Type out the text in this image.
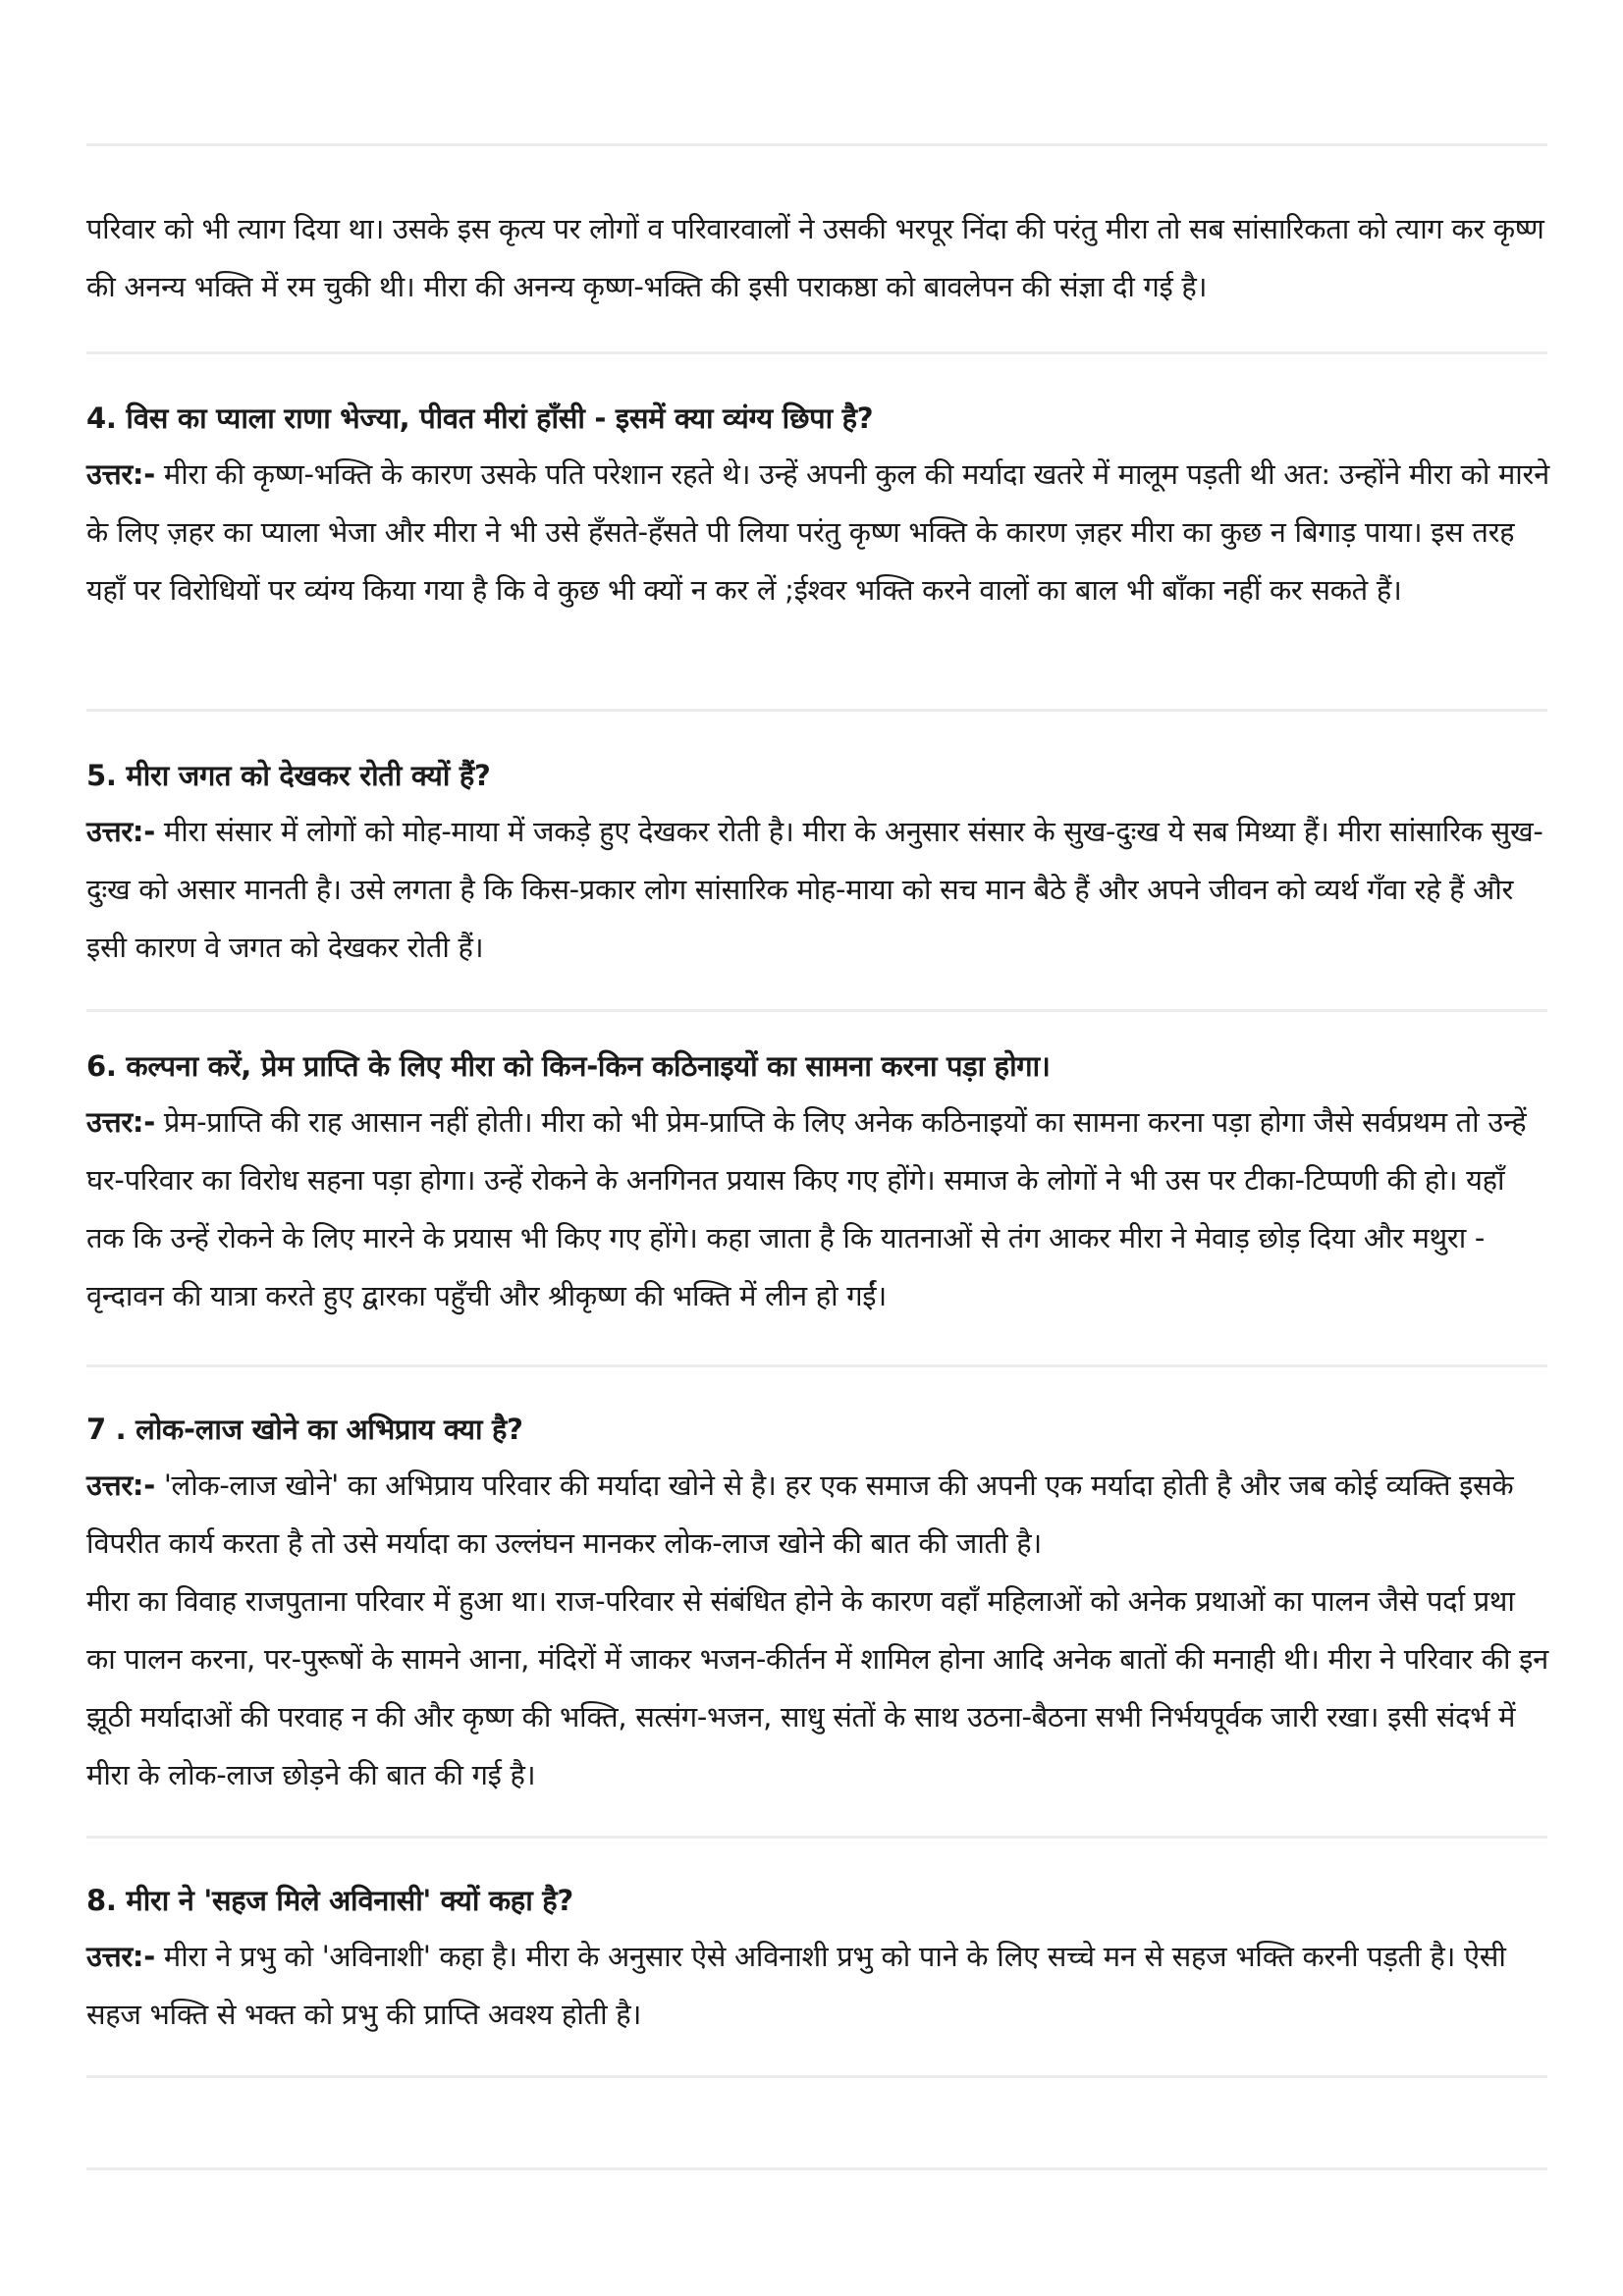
परिवार को भी त्याग दिया था। उसके इस कृत्य पर लोगों व परिवारवालों ने उसकी भरपूर निंदा की परंतु मीरा तो सब सांसारिकता को त्याग कर कृष्ण की अनन्य भक्ति में रम चुकी थी। मीरा की अनन्य कृष्ण-भक्ति की इसी पराकष्ठा को बावलेपन की संज्ञा दी गई है।

4. विस का प्याला राणा भेज्या, पीवत मीरां हाँसी - इसमें क्या व्यंग्य छिपा है?

उत्तर:- मीरा की कृष्ण-भक्ति के कारण उसके पति परेशान रहते थे। उन्हें अपनी कुल की मर्यादा खतरे में मालूम पड़ती थी अत: उन्होंने मीरा को मारने के लिए ज़हर का प्याला भेजा और मीरा ने भी उसे हँसते-हँसते पी लिया परंतु कृष्ण भक्ति के कारण ज़हर मीरा का कुछ न बिगाड़ पाया। इस तरह यहाँ पर विरोधियों पर व्यंग्य किया गया है कि वे कुछ भी क्यों न कर लें ;ईश्वर भक्ति करने वालों का बाल भी बाँका नहीं कर सकते हैं।

5. मीरा जगत को देखकर रोती क्यों हैं?

उत्तर:- मीरा संसार में लोगों को मोह-माया में जकड़े हुए देखकर रोती है। मीरा के अनुसार संसार के सुख-दुःख ये सब मिथ्या हैं। मीरा सांसारिक सुख-दुःख को असार मानती है। उसे लगता है कि किस-प्रकार लोग सांसारिक मोह-माया को सच मान बैठे हैं और अपने जीवन को व्यर्थ गँवा रहे हैं और इसी कारण वे जगत को देखकर रोती हैं।

6. कल्पना करें, प्रेम प्राप्ति के लिए मीरा को किन-किन कठिनाइयों का सामना करना पड़ा होगा।

उत्तर:- प्रेम-प्राप्ति की राह आसान नहीं होती। मीरा को भी प्रेम-प्राप्ति के लिए अनेक कठिनाइयों का सामना करना पड़ा होगा जैसे सर्वप्रथम तो उन्हें घर-परिवार का विरोध सहना पड़ा होगा। उन्हें रोकने के अनगिनत प्रयास किए गए होंगे। समाज के लोगों ने भी उस पर टीका-टिप्पणी की हो। यहाँ तक कि उन्हें रोकने के लिए मारने के प्रयास भी किए गए होंगे। कहा जाता है कि यातनाओं से तंग आकर मीरा ने मेवाड़ छोड़ दिया और मथुरा - वृन्दावन की यात्रा करते हुए द्वारका पहुँची और श्रीकृष्ण की भक्ति में लीन हो गईं।

7 . लोक-लाज खोने का अभिप्राय क्या है?

उत्तर:- 'लोक-लाज खोने' का अभिप्राय परिवार की मर्यादा खोने से है। हर एक समाज की अपनी एक मर्यादा होती है और जब कोई व्यक्ति इसके विपरीत कार्य करता है तो उसे मर्यादा का उल्लंघन मानकर लोक-लाज खोने की बात की जाती है।

मीरा का विवाह राजपुताना परिवार में हुआ था। राज-परिवार से संबंधित होने के कारण वहाँ महिलाओं को अनेक प्रथाओं का पालन जैसे पर्दा प्रथा का पालन करना, पर-पुरूषों के सामने आना, मंदिरों में जाकर भजन-कीर्तन में शामिल होना आदि अनेक बातों की मनाही थी। मीरा ने परिवार की इन झूठी मर्यादाओं की परवाह न की और कृष्ण की भक्ति, सत्संग-भजन, साधु संतों के साथ उठना-बैठना सभी निर्भयपूर्वक जारी रखा। इसी संदर्भ में मीरा के लोक-लाज छोड़ने की बात की गई है।

8. मीरा ने 'सहज मिले अविनासी' क्यों कहा है?

उत्तर:- मीरा ने प्रभु को 'अविनाशी' कहा है। मीरा के अनुसार ऐसे अविनाशी प्रभु को पाने के लिए सच्चे मन से सहज भक्ति करनी पड़ती है। ऐसी सहज भक्ति से भक्त को प्रभु की प्राप्ति अवश्य होती है।
